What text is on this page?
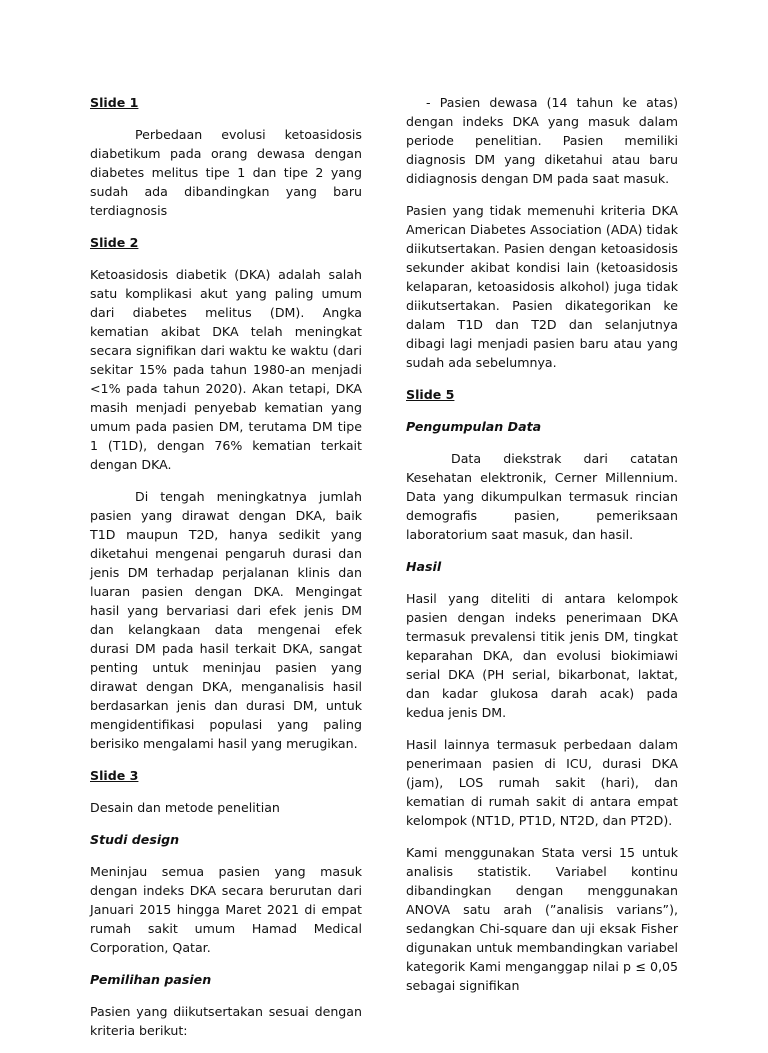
Slide 1

Perbedaan evolusi ketoasidosis diabetikum pada orang dewasa dengan diabetes melitus tipe 1 dan tipe 2 yang sudah ada dibandingkan yang baru terdiagnosis

Slide 2

Ketoasidosis diabetik (DKA) adalah salah satu komplikasi akut yang paling umum dari diabetes melitus (DM). Angka kematian akibat DKA telah meningkat secara signifikan dari waktu ke waktu (dari sekitar 15% pada tahun 1980-an menjadi <1% pada tahun 2020). Akan tetapi, DKA masih menjadi penyebab kematian yang umum pada pasien DM, terutama DM tipe 1 (T1D), dengan 76% kematian terkait dengan DKA.

Di tengah meningkatnya jumlah pasien yang dirawat dengan DKA, baik T1D maupun T2D, hanya sedikit yang diketahui mengenai pengaruh durasi dan jenis DM terhadap perjalanan klinis dan luaran pasien dengan DKA. Mengingat hasil yang bervariasi dari efek jenis DM dan kelangkaan data mengenai efek durasi DM pada hasil terkait DKA, sangat penting untuk meninjau pasien yang dirawat dengan DKA, menganalisis hasil berdasarkan jenis dan durasi DM, untuk mengidentifikasi populasi yang paling berisiko mengalami hasil yang merugikan.

Slide 3

Desain dan metode penelitian

Studi design

Meninjau semua pasien yang masuk dengan indeks DKA secara berurutan dari Januari 2015 hingga Maret 2021 di empat rumah sakit umum Hamad Medical Corporation, Qatar.

Pemilihan pasien

Pasien yang diikutsertakan sesuai dengan kriteria berikut:

- Pasien dewasa (14 tahun ke atas) dengan indeks DKA yang masuk dalam periode penelitian. Pasien memiliki diagnosis DM yang diketahui atau baru didiagnosis dengan DM pada saat masuk.

Pasien yang tidak memenuhi kriteria DKA American Diabetes Association (ADA) tidak diikutsertakan. Pasien dengan ketoasidosis sekunder akibat kondisi lain (ketoasidosis kelaparan, ketoasidosis alkohol) juga tidak diikutsertakan. Pasien dikategorikan ke dalam T1D dan T2D dan selanjutnya dibagi lagi menjadi pasien baru atau yang sudah ada sebelumnya.

Slide 5
Pengumpulan Data

Data diekstrak dari catatan Kesehatan elektronik, Cerner Millennium. Data yang dikumpulkan termasuk rincian demografis pasien, pemeriksaan laboratorium saat masuk, dan hasil.

Hasil

Hasil yang diteliti di antara kelompok pasien dengan indeks penerimaan DKA termasuk prevalensi titik jenis DM, tingkat keparahan DKA, dan evolusi biokimiawi serial DKA (PH serial, bikarbonat, laktat, dan kadar glukosa darah acak) pada kedua jenis DM.

Hasil lainnya termasuk perbedaan dalam penerimaan pasien di ICU, durasi DKA (jam), LOS rumah sakit (hari), dan kematian di rumah sakit di antara empat kelompok (NT1D, PT1D, NT2D, dan PT2D).

Kami menggunakan Stata versi 15 untuk analisis statistik. Variabel kontinu dibandingkan dengan menggunakan ANOVA satu arah (”analisis varians”), sedangkan Chi-square dan uji eksak Fisher digunakan untuk membandingkan variabel kategorik Kami menganggap nilai p ≤ 0,05 sebagai signifikan
